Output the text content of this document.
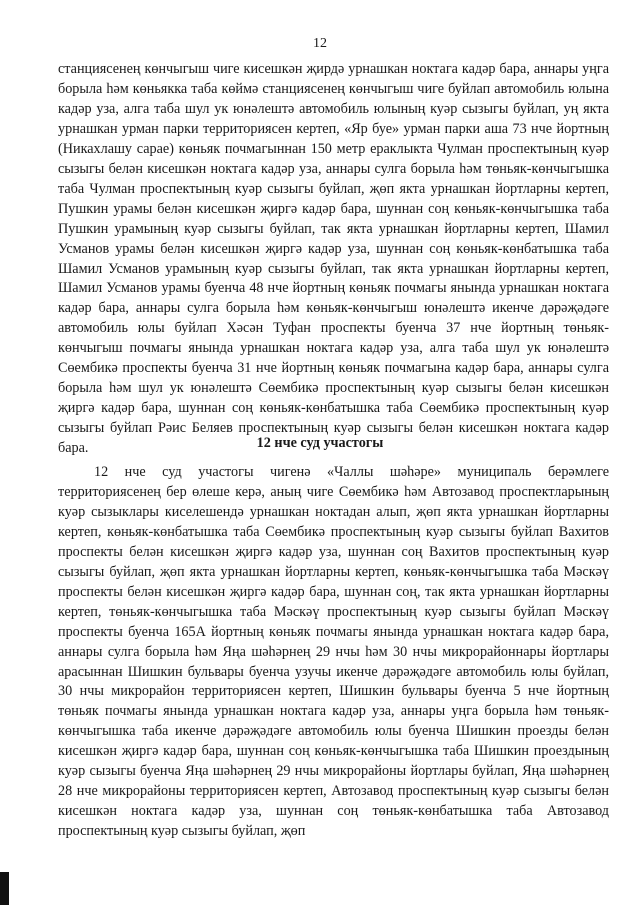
12

станциясенең көнчыгыш чиге кисешкән җирдә урнашкан ноктага кадәр бара, аннары уңга борыла һәм көньякка таба көймә станциясенең көнчыгыш чиге буйлап автомобиль юлына кадәр уза, алга таба шул ук юнәлештә автомобиль юлының куәр сызыгы буйлап, уң якта урнашкан урман парки территориясен кертеп, «Яр буе» урман парки аша 73 нче йортның (Никахлашу сарае) көньяк почмагыннан 150 метр ераклыкта Чулман проспектының куәр сызыгы белән кисешкән ноктага кадәр уза, аннары сулга борыла һәм төньяк-көнчыгышка таба Чулман проспектының куәр сызыгы буйлап, җөп якта урнашкан йортларны кертеп, Пушкин урамы белән кисешкән җиргә кадәр бара, шуннан соң көньяк-көнчыгышка таба Пушкин урамының куәр сызыгы буйлап, так якта урнашкан йортларны кертеп, Шамил Усманов урамы белән кисешкән җиргә кадәр уза, шуннан соң көньяк-көнбатышка таба Шамил Усманов урамының куәр сызыгы буйлап, так якта урнашкан йортларны кертеп, Шамил Усманов урамы буенча 48 нче йортның көньяк почмагы янында урнашкан ноктага кадәр бара, аннары сулга борыла һәм көньяк-көнчыгыш юнәлештә икенче дәрәҗәдәге автомобиль юлы буйлап Хәсән Туфан проспекты буенча 37 нче йортның төньяк-көнчыгыш почмагы янында урнашкан ноктага кадәр уза, алга таба шул ук юнәлештә Сөембикә проспекты буенча 31 нче йортның көньяк почмагына кадәр бара, аннары сулга борыла һәм шул ук юнәлештә Сөембикә проспектының куәр сызыгы белән кисешкән җиргә кадәр бара, шуннан соң көньяк-көнбатышка таба Сөембикә проспектының куәр сызыгы буйлап Рәис Беляев проспектының куәр сызыгы белән кисешкән ноктага кадәр бара.	12 нче суд участогы

12 нче суд участогы чигенә «Чаллы шәһәре» муниципаль берәмлеге территориясенең бер өлеше керә, аның чиге Сөембикә һәм Автозавод проспектларының куәр сызыклары киселешендә урнашкан ноктадан алып, җөп якта урнашкан йортларны кертеп, көньяк-көнбатышка таба Сөембикә проспектының куәр сызыгы буйлап Вахитов проспекты белән кисешкән җиргә кадәр уза, шуннан соң Вахитов проспектының куәр сызыгы буйлап, җөп якта урнашкан йортларны кертеп, көньяк-көнчыгышка таба Мәскәү проспекты белән кисешкән җиргә кадәр бара, шуннан соң, так якта урнашкан йортларны кертеп, төньяк-көнчыгышка таба Мәскәү проспектының куәр сызыгы буйлап Мәскәү проспекты буенча 165А йортның көньяк почмагы янында урнашкан ноктага кадәр бара, аннары сулга борыла һәм Яңа шәһәрнең 29 нчы һәм 30 нчы микрорайоннары йортлары арасыннан Шишкин бульвары буенча узучы икенче дәрәҗәдәге автомобиль юлы буйлап, 30 нчы микрорайон территориясен кертеп, Шишкин бульвары буенча 5 нче йортның төньяк почмагы янында урнашкан ноктага кадәр уза, аннары уңга борыла һәм төньяк-көнчыгышка таба икенче дәрәҗәдәге автомобиль юлы буенча Шишкин проезды белән кисешкән җиргә кадәр бара, шуннан соң көньяк-көнчыгышка таба Шишкин проездының куәр сызыгы буенча Яңа шәһәрнең 29 нчы микрорайоны йортлары буйлап, Яңа шәһәрнең 28 нче микрорайоны территориясен кертеп, Автозавод проспектының куәр сызыгы белән кисешкән ноктага кадәр уза, шуннан соң төньяк-көнбатышка таба Автозавод проспектының куәр сызыгы буйлап, җөп
